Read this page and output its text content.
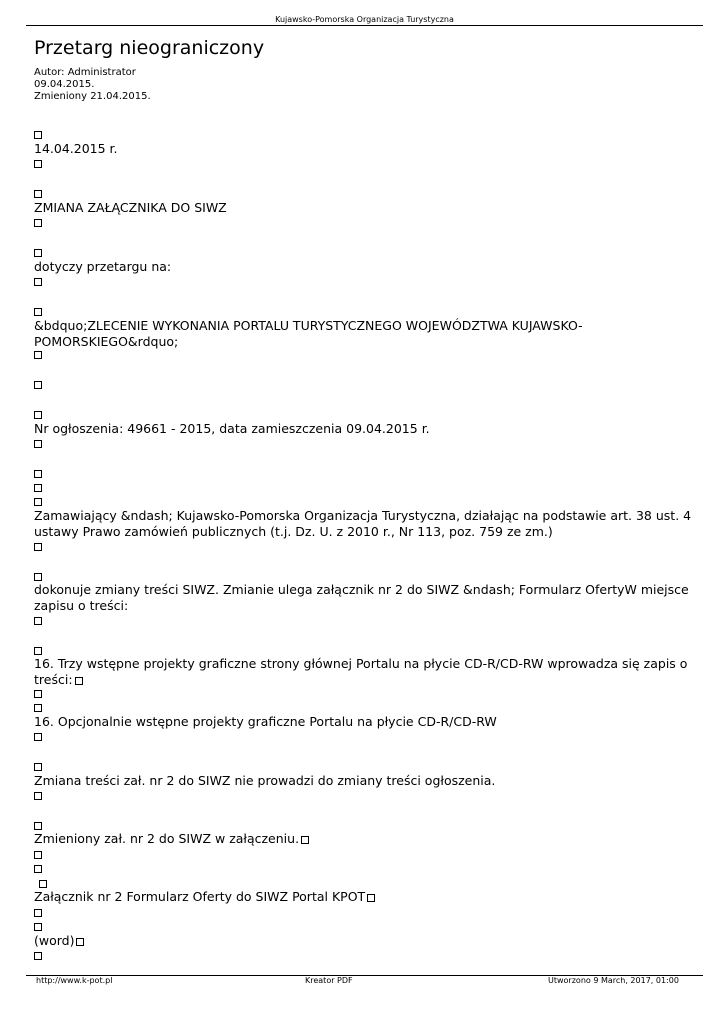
Kujawsko-Pomorska Organizacja Turystyczna
Przetarg nieograniczony
Autor: Administrator
09.04.2015.
Zmieniony 21.04.2015.
14.04.2015 r.
ZMIANA ZAŁĄCZNIKA DO SIWZ
dotyczy przetargu na:
&bdquo;ZLECENIE WYKONANIA PORTALU TURYSTYCZNEGO WOJEWÓDZTWA KUJAWSKO-POMORSKIEGO&rdquo;
Nr ogłoszenia: 49661 - 2015, data zamieszczenia 09.04.2015 r.
Zamawiający &ndash; Kujawsko-Pomorska Organizacja Turystyczna, działając na podstawie art. 38 ust. 4 ustawy Prawo zamówień publicznych (t.j. Dz. U. z 2010 r., Nr 113, poz. 759 ze zm.)
dokonuje zmiany treści SIWZ. Zmianie ulega załącznik nr 2 do SIWZ &ndash; Formularz OfertyW miejsce zapisu o treści:
16. Trzy wstępne projekty graficzne strony głównej Portalu na płycie CD-R/CD-RW wprowadza się zapis o treści:
16. Opcjonalnie wstępne projekty graficzne Portalu na płycie CD-R/CD-RW
Zmiana treści zał. nr 2 do SIWZ nie prowadzi do zmiany treści ogłoszenia.
Zmieniony zał. nr 2 do SIWZ w załączeniu.
Załącznik nr 2 Formularz Oferty do SIWZ Portal KPOT
(word)
http://www.k-pot.pl	Kreator PDF	Utworzono 9 March, 2017, 01:00
